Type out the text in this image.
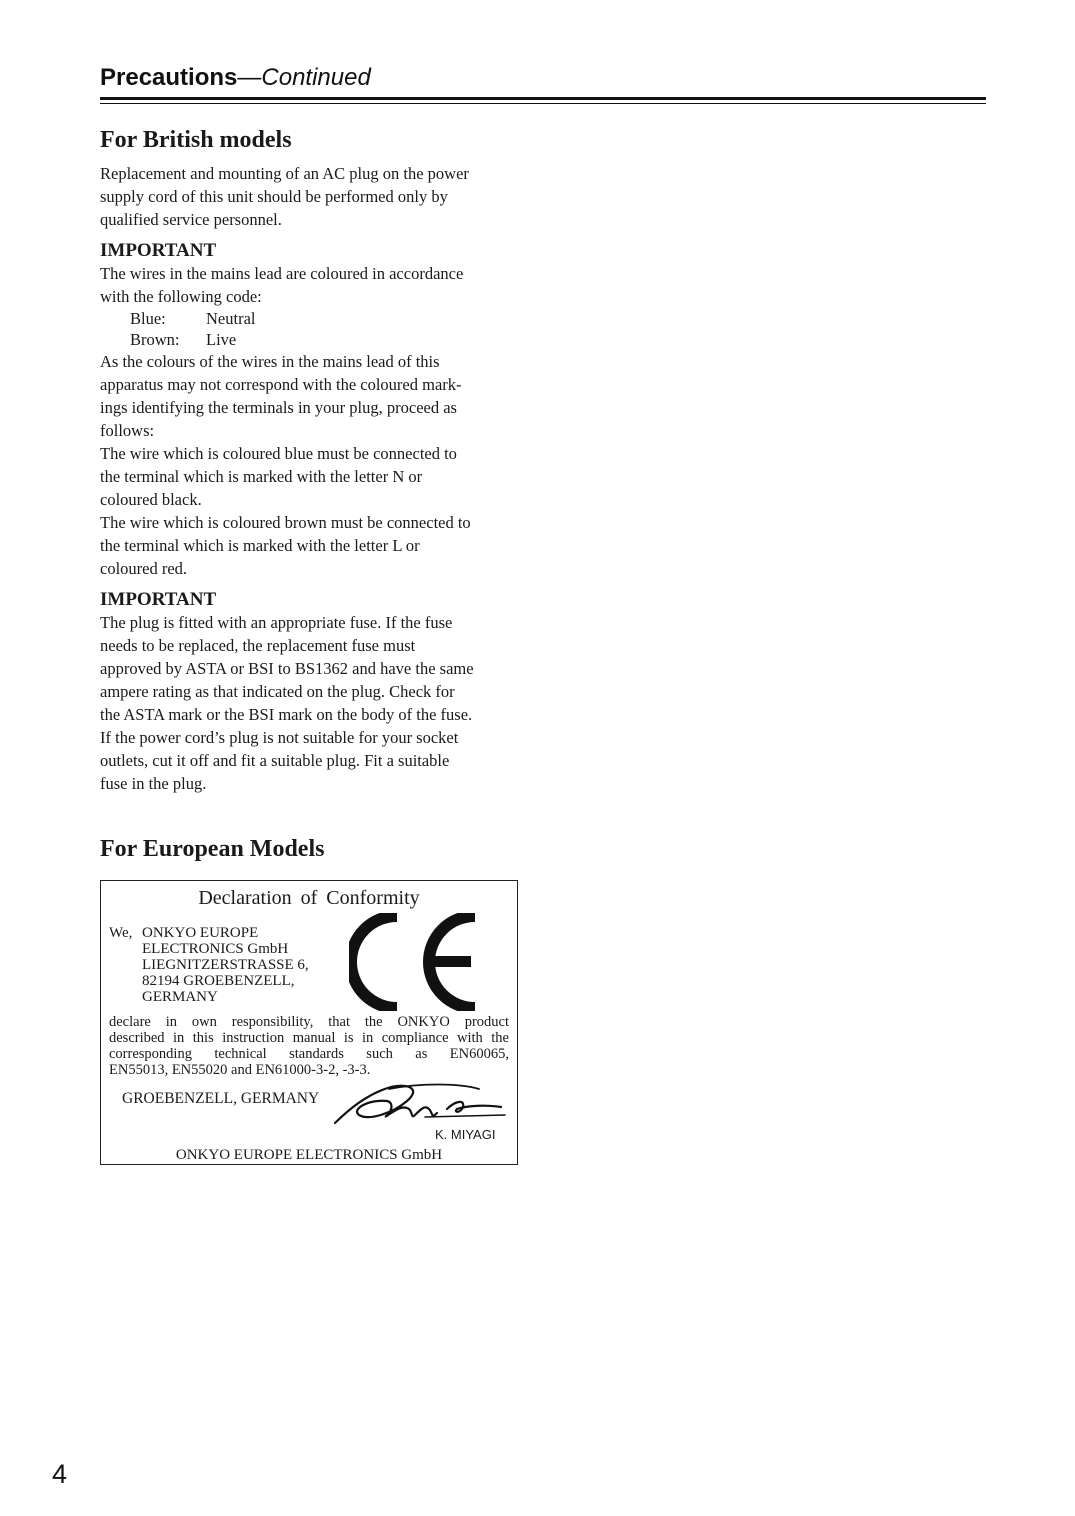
Precautions—Continued
For British models

Replacement and mounting of an AC plug on the power

supply cord of this unit should be performed only by

qualified service personnel.

IMPORTANT

The wires in the mains lead are coloured in accordance

with the following code:

Blue: Neutral
Brown: Live

As the colours of the wires in the mains lead of this

apparatus may not correspond with the coloured mark-

ings identifying the terminals in your plug, proceed as

follows:

The wire which is coloured blue must be connected to

the terminal which is marked with the letter N or

coloured black.

The wire which is coloured brown must be connected to

the terminal which is marked with the letter L or

coloured red.

IMPORTANT

The plug is fitted with an appropriate fuse. If the fuse

needs to be replaced, the replacement fuse must

approved by ASTA or BSI to BS1362 and have the same

ampere rating as that indicated on the plug. Check for

the ASTA mark or the BSI mark on the body of the fuse.

If the power cord’s plug is not suitable for your socket

outlets, cut it off and fit a suitable plug. Fit a suitable

fuse in the plug.

For European Models
Declaration of Conformity
We, ONKYO EUROPE
ELECTRONICS GmbH
LIEGNITZERSTRASSE 6,
82194 GROEBENZELL,
GERMANY
declare in own responsibility, that the ONKYO product
described in this instruction manual is in compliance with the
corresponding technical standards such as EN60065,
EN55013, EN55020 and EN61000-3-2, -3-3.
GROEBENZELL, GERMANY
K. MIYAGI
ONKYO EUROPE ELECTRONICS GmbH
4
